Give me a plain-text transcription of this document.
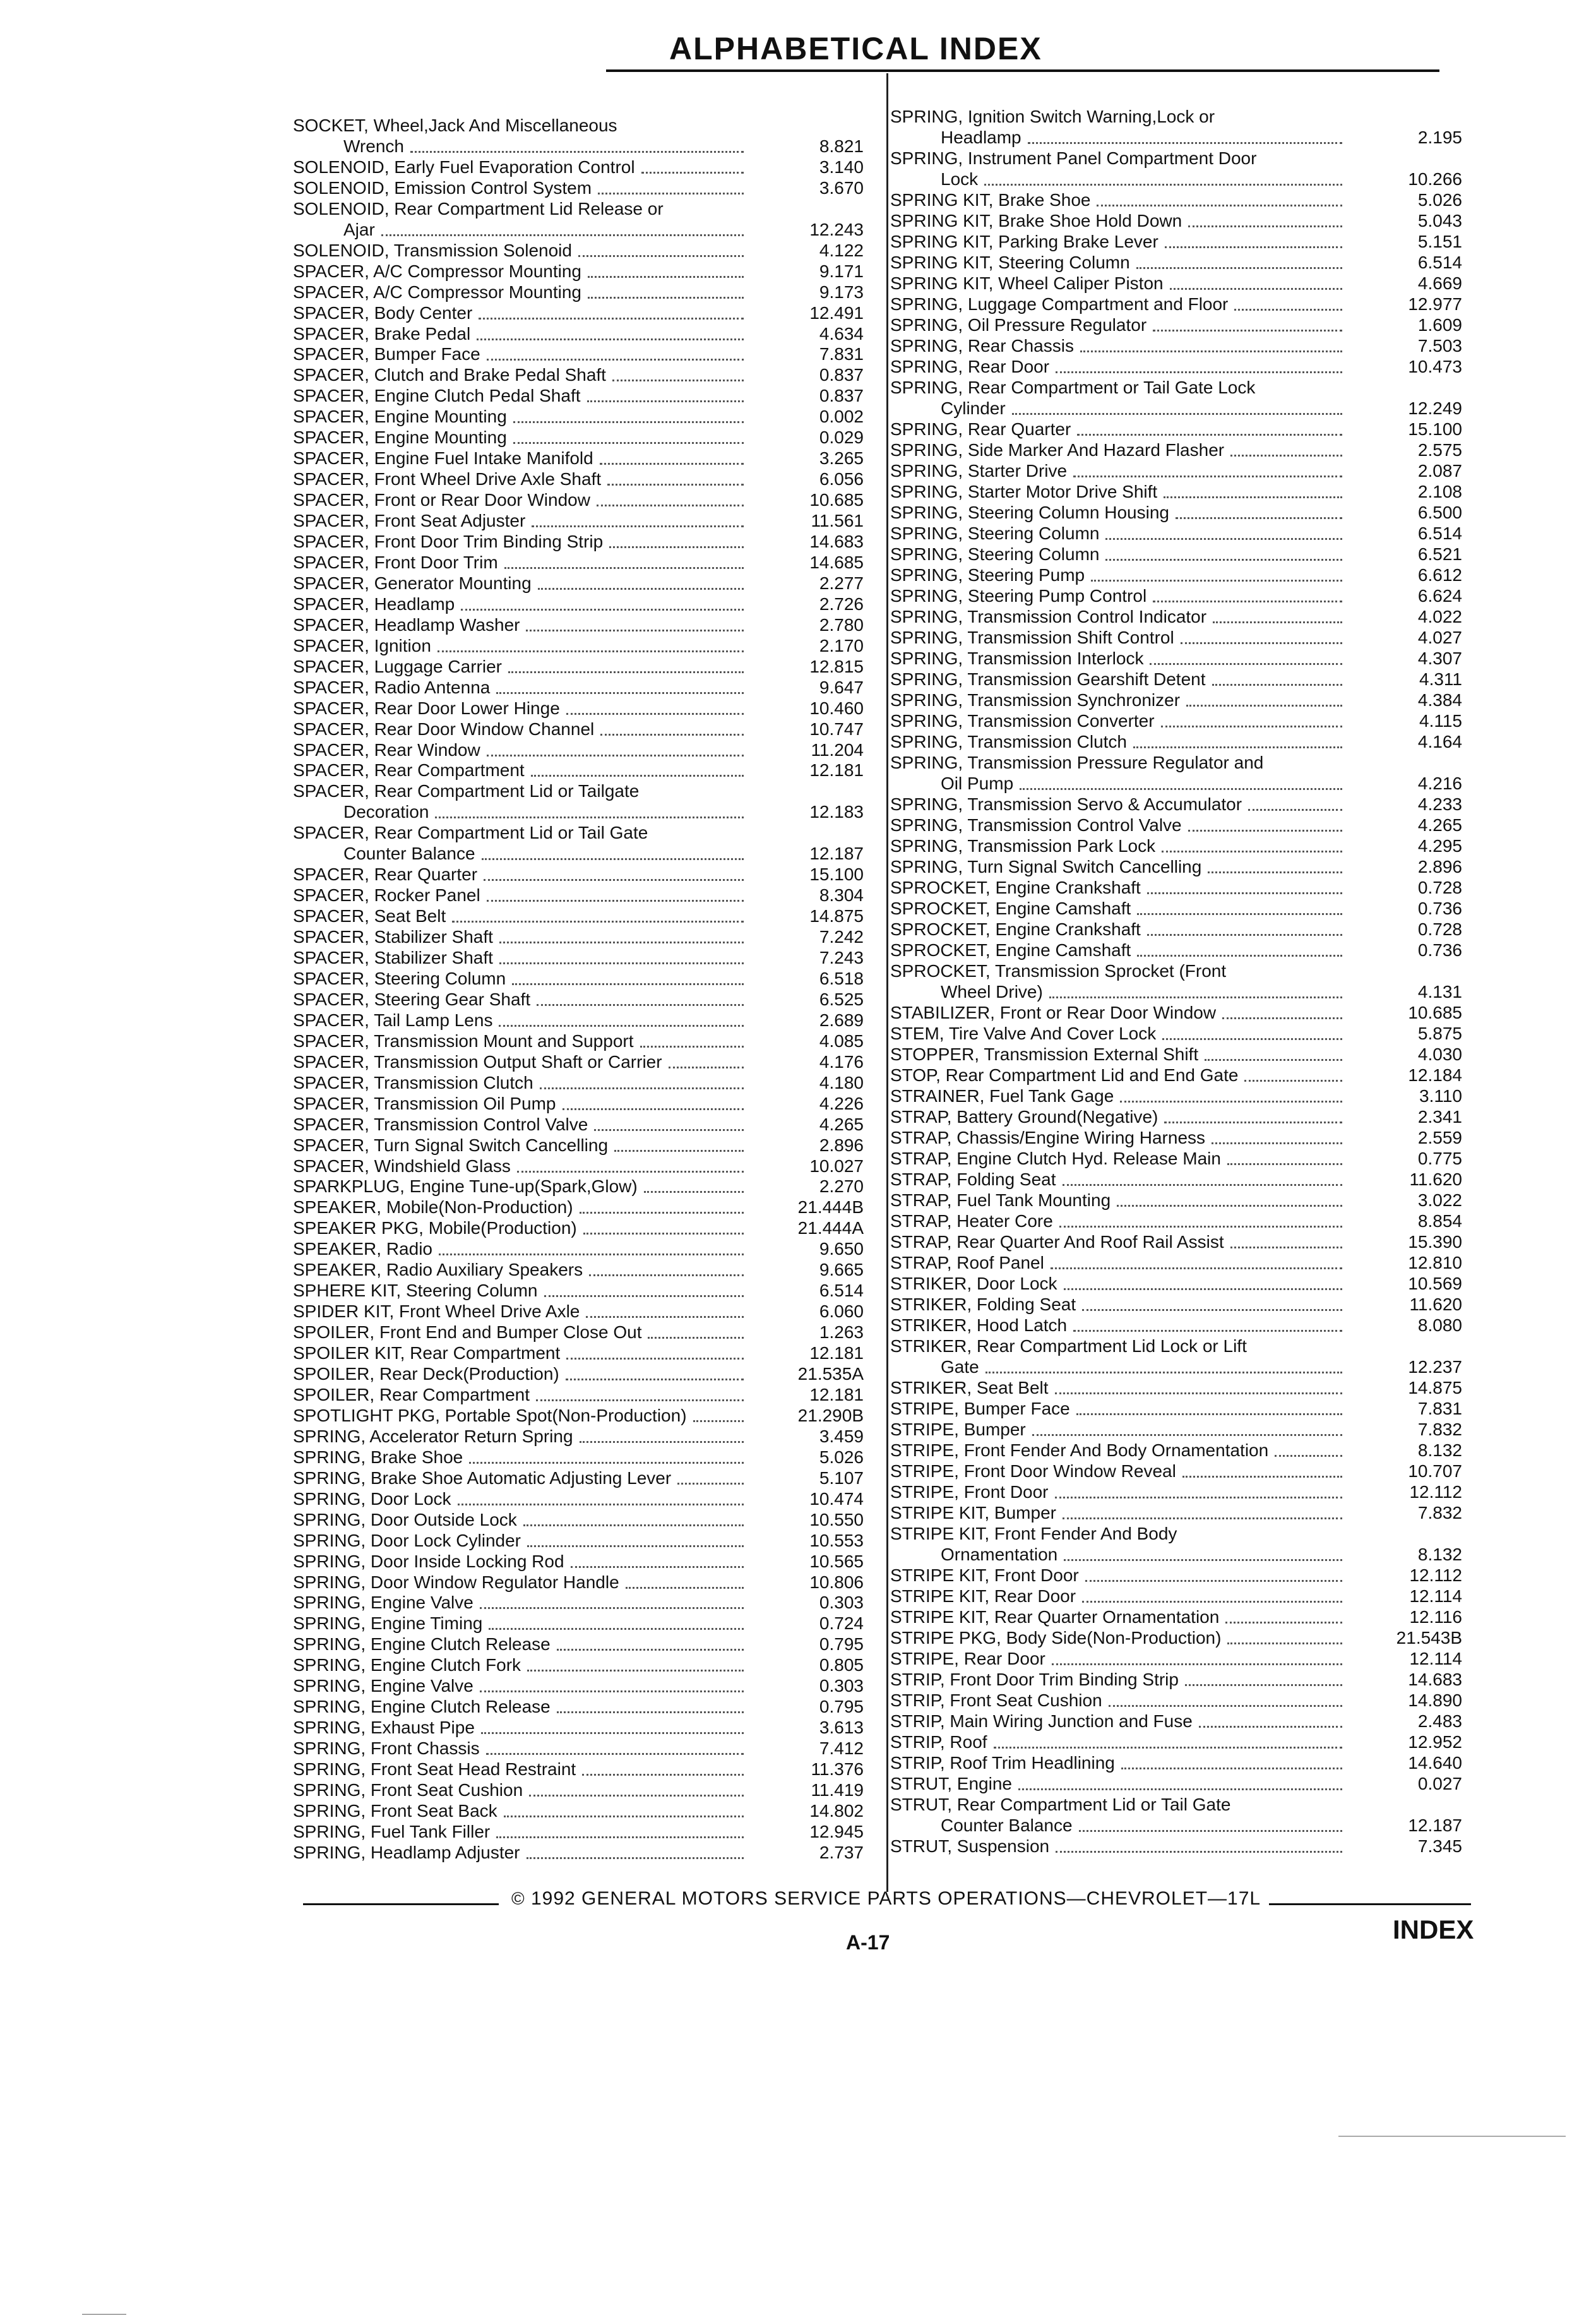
ALPHABETICAL INDEX
SOCKET, Wheel,Jack And Miscellaneous
Wrench	8.821
SOLENOID, Early Fuel Evaporation Control	3.140
SOLENOID, Emission Control System	3.670
SOLENOID, Rear Compartment Lid Release or
Ajar	12.243
SOLENOID, Transmission Solenoid	4.122
SPACER, A/C Compressor Mounting	9.171
SPACER, A/C Compressor Mounting	9.173
SPACER, Body Center	12.491
SPACER, Brake Pedal	4.634
SPACER, Bumper Face	7.831
SPACER, Clutch and Brake Pedal Shaft	0.837
SPACER, Engine Clutch Pedal Shaft	0.837
SPACER, Engine Mounting	0.002
SPACER, Engine Mounting	0.029
SPACER, Engine Fuel Intake Manifold	3.265
SPACER, Front Wheel Drive Axle Shaft	6.056
SPACER, Front or Rear Door Window	10.685
SPACER, Front Seat Adjuster	11.561
SPACER, Front Door Trim Binding Strip	14.683
SPACER, Front Door Trim	14.685
SPACER, Generator Mounting	2.277
SPACER, Headlamp	2.726
SPACER, Headlamp Washer	2.780
SPACER, Ignition	2.170
SPACER, Luggage Carrier	12.815
SPACER, Radio Antenna	9.647
SPACER, Rear Door Lower Hinge	10.460
SPACER, Rear Door Window Channel	10.747
SPACER, Rear Window	11.204
SPACER, Rear Compartment	12.181
SPACER, Rear Compartment Lid or Tailgate
Decoration	12.183
SPACER, Rear Compartment Lid or Tail Gate
Counter Balance	12.187
SPACER, Rear Quarter	15.100
SPACER, Rocker Panel	8.304
SPACER, Seat Belt	14.875
SPACER, Stabilizer Shaft	7.242
SPACER, Stabilizer Shaft	7.243
SPACER, Steering Column	6.518
SPACER, Steering Gear Shaft	6.525
SPACER, Tail Lamp Lens	2.689
SPACER, Transmission Mount and Support	4.085
SPACER, Transmission Output Shaft or Carrier	4.176
SPACER, Transmission Clutch	4.180
SPACER, Transmission Oil Pump	4.226
SPACER, Transmission Control Valve	4.265
SPACER, Turn Signal Switch Cancelling	2.896
SPACER, Windshield Glass	10.027
SPARKPLUG, Engine Tune-up(Spark,Glow)	2.270
SPEAKER, Mobile(Non-Production)	21.444B
SPEAKER PKG, Mobile(Production)	21.444A
SPEAKER, Radio	9.650
SPEAKER, Radio Auxiliary Speakers	9.665
SPHERE KIT, Steering Column	6.514
SPIDER KIT, Front Wheel Drive Axle	6.060
SPOILER, Front End and Bumper Close Out	1.263
SPOILER KIT, Rear Compartment	12.181
SPOILER, Rear Deck(Production)	21.535A
SPOILER, Rear Compartment	12.181
SPOTLIGHT PKG, Portable Spot(Non-Production)	21.290B
SPRING, Accelerator Return Spring	3.459
SPRING, Brake Shoe	5.026
SPRING, Brake Shoe Automatic Adjusting Lever	5.107
SPRING, Door Lock	10.474
SPRING, Door Outside Lock	10.550
SPRING, Door Lock Cylinder	10.553
SPRING, Door Inside Locking Rod	10.565
SPRING, Door Window Regulator Handle	10.806
SPRING, Engine Valve	0.303
SPRING, Engine Timing	0.724
SPRING, Engine Clutch Release	0.795
SPRING, Engine Clutch Fork	0.805
SPRING, Engine Valve	0.303
SPRING, Engine Clutch Release	0.795
SPRING, Exhaust Pipe	3.613
SPRING, Front Chassis	7.412
SPRING, Front Seat Head Restraint	11.376
SPRING, Front Seat Cushion	11.419
SPRING, Front Seat Back	14.802
SPRING, Fuel Tank Filler	12.945
SPRING, Headlamp Adjuster	2.737
SPRING, Ignition Switch Warning,Lock or
Headlamp	2.195
SPRING, Instrument Panel Compartment Door
Lock	10.266
SPRING KIT, Brake Shoe	5.026
SPRING KIT, Brake Shoe Hold Down	5.043
SPRING KIT, Parking Brake Lever	5.151
SPRING KIT, Steering Column	6.514
SPRING KIT, Wheel Caliper Piston	4.669
SPRING, Luggage Compartment and Floor	12.977
SPRING, Oil Pressure Regulator	1.609
SPRING, Rear Chassis	7.503
SPRING, Rear Door	10.473
SPRING, Rear Compartment or Tail Gate Lock
Cylinder	12.249
SPRING, Rear Quarter	15.100
SPRING, Side Marker And Hazard Flasher	2.575
SPRING, Starter Drive	2.087
SPRING, Starter Motor Drive Shift	2.108
SPRING, Steering Column Housing	6.500
SPRING, Steering Column	6.514
SPRING, Steering Column	6.521
SPRING, Steering Pump	6.612
SPRING, Steering Pump Control	6.624
SPRING, Transmission Control Indicator	4.022
SPRING, Transmission Shift Control	4.027
SPRING, Transmission Interlock	4.307
SPRING, Transmission Gearshift Detent	4.311
SPRING, Transmission Synchronizer	4.384
SPRING, Transmission Converter	4.115
SPRING, Transmission Clutch	4.164
SPRING, Transmission Pressure Regulator and
Oil Pump	4.216
SPRING, Transmission Servo & Accumulator	4.233
SPRING, Transmission Control Valve	4.265
SPRING, Transmission Park Lock	4.295
SPRING, Turn Signal Switch Cancelling	2.896
SPROCKET, Engine Crankshaft	0.728
SPROCKET, Engine Camshaft	0.736
SPROCKET, Engine Crankshaft	0.728
SPROCKET, Engine Camshaft	0.736
SPROCKET, Transmission Sprocket (Front
Wheel Drive)	4.131
STABILIZER, Front or Rear Door Window	10.685
STEM, Tire Valve And Cover Lock	5.875
STOPPER, Transmission External Shift	4.030
STOP, Rear Compartment Lid and End Gate	12.184
STRAINER, Fuel Tank Gage	3.110
STRAP, Battery Ground(Negative)	2.341
STRAP, Chassis/Engine Wiring Harness	2.559
STRAP, Engine Clutch Hyd. Release Main	0.775
STRAP, Folding Seat	11.620
STRAP, Fuel Tank Mounting	3.022
STRAP, Heater Core	8.854
STRAP, Rear Quarter And Roof Rail Assist	15.390
STRAP, Roof Panel	12.810
STRIKER, Door Lock	10.569
STRIKER, Folding Seat	11.620
STRIKER, Hood Latch	8.080
STRIKER, Rear Compartment Lid Lock or Lift
Gate	12.237
STRIKER, Seat Belt	14.875
STRIPE, Bumper Face	7.831
STRIPE, Bumper	7.832
STRIPE, Front Fender And Body Ornamentation	8.132
STRIPE, Front Door Window Reveal	10.707
STRIPE, Front Door	12.112
STRIPE KIT, Bumper	7.832
STRIPE KIT, Front Fender And Body
Ornamentation	8.132
STRIPE KIT, Front Door	12.112
STRIPE KIT, Rear Door	12.114
STRIPE KIT, Rear Quarter Ornamentation	12.116
STRIPE PKG, Body Side(Non-Production)	21.543B
STRIPE, Rear Door	12.114
STRIP, Front Door Trim Binding Strip	14.683
STRIP, Front Seat Cushion	14.890
STRIP, Main Wiring Junction and Fuse	2.483
STRIP, Roof	12.952
STRIP, Roof Trim Headlining	14.640
STRUT, Engine	0.027
STRUT, Rear Compartment Lid or Tail Gate
Counter Balance	12.187
STRUT, Suspension	7.345
© 1992 GENERAL MOTORS SERVICE PARTS OPERATIONS—CHEVROLET—17L
A-17	INDEX
